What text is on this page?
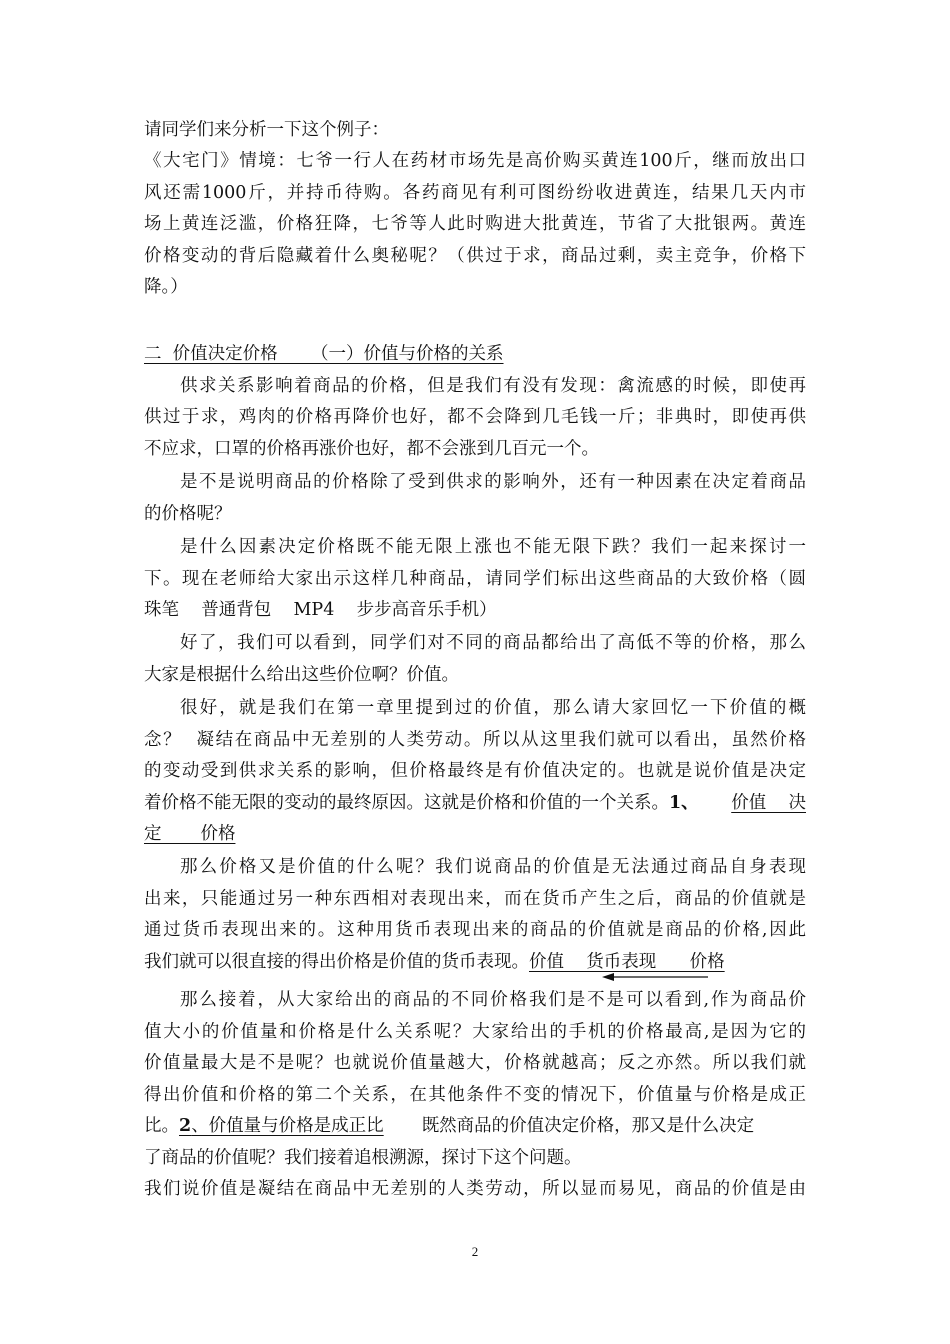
请同学们来分析一下这个例子：
《大宅门》情境：七爷一行人在药材市场先是高价购买黄连100斤，继而放出口
风还需1000斤，并持币待购。各药商见有利可图纷纷收进黄连，结果几天内市
场上黄连泛滥，价格狂降，七爷等人此时购进大批黄连，节省了大批银两。黄连
价格变动的背后隐藏着什么奥秘呢？（供过于求，商品过剩，卖主竞争，价格下
降。）
二  价值决定价格      （一）价值与价格的关系
供求关系影响着商品的价格，但是我们有没有发现：禽流感的时候，即使再
供过于求，鸡肉的价格再降价也好，都不会降到几毛钱一斤；非典时，即使再供
不应求，口罩的价格再涨价也好，都不会涨到几百元一个。
是不是说明商品的价格除了受到供求的影响外，还有一种因素在决定着商品
的价格呢？
是什么因素决定价格既不能无限上涨也不能无限下跌？我们一起来探讨一
下。现在老师给大家出示这样几种商品，请同学们标出这些商品的大致价格（圆
珠笔    普通背包    MP4    步步高音乐手机）
好了，我们可以看到，同学们对不同的商品都给出了高低不等的价格，那么
大家是根据什么给出这些价位啊？价值。
很好，就是我们在第一章里提到过的价值，那么请大家回忆一下价值的概
念？  凝结在商品中无差别的人类劳动。所以从这里我们就可以看出，虽然价格
的变动受到供求关系的影响，但价格最终是有价值决定的。也就是说价值是决定
着价格不能无限的变动的最终原因。这就是价格和价值的一个关系。1、 价值    决
定       价格
那么价格又是价值的什么呢？我们说商品的价值是无法通过商品自身表现
出来，只能通过另一种东西相对表现出来，而在货币产生之后，商品的价值就是
通过货币表现出来的。这种用货币表现出来的商品的价值就是商品的价格,因此
我们就可以很直接的得出价格是价值的货币表现。价值    货币表现      价格
那么接着，从大家给出的商品的不同价格我们是不是可以看到,作为商品价
值大小的价值量和价格是什么关系呢？大家给出的手机的价格最高,是因为它的
价值量最大是不是呢？也就说价值量越大，价格就越高；反之亦然。所以我们就
得出价值和价格的第二个关系，在其他条件不变的情况下，价值量与价格是成正
比。2、价值量与价格是成正比 既然商品的价值决定价格，那又是什么决定
了商品的价值呢？我们接着追根溯源，探讨下这个问题。
我们说价值是凝结在商品中无差别的人类劳动，所以显而易见，商品的价值是由
2
